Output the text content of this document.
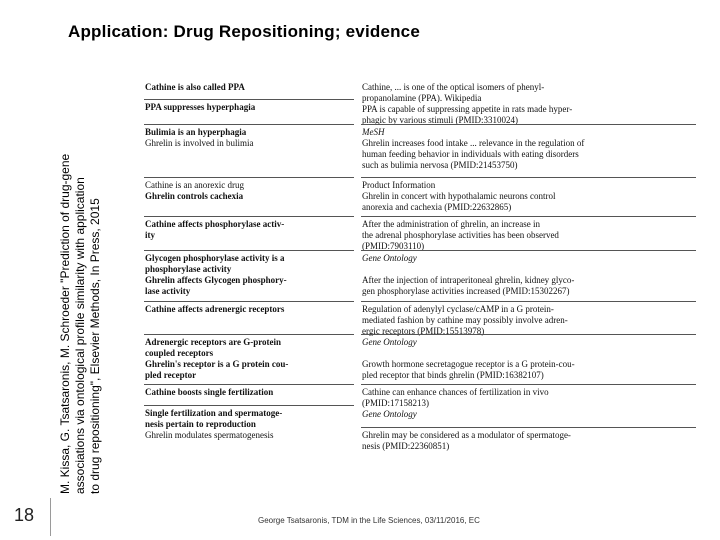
Application: Drug Repositioning; evidence
M. Kissa, G. Tsatsaronis, M. Schroeder "Prediction of drug-gene associations via ontological profile similarity with application to drug repositioning", Elsevier Methods, In Press, 2015
18	George Tsatsaronis, TDM in the Life Sciences, 03/11/2016, EC
Cathine is also called PPA
PPA suppresses hyperphagia
Bulimia is an hyperphagia
Ghrelin is involved in bulimia
Cathine is an anorexic drug
Ghrelin controls cachexia
Cathine affects phosphorylase activ-
ity
Glycogen phosphorylase activity is a
phosphorylase activity
Ghrelin affects Glycogen phosphory-
lase activity
Cathine affects adrenergic receptors
Adrenergic receptors are G-protein
coupled receptors
Ghrelin's receptor is a G protein cou-
pled receptor
Cathine boosts single fertilization
Single fertilization and spermatoge-
nesis pertain to reproduction
Ghrelin modulates spermatogenesis
Cathine, ... is one of the optical isomers of phenyl-
propanolamine (PPA). Wikipedia
PPA is capable of suppressing appetite in rats made hyper-
phagic by various stimuli (PMID:3310024)
MeSH
Ghrelin increases food intake ... relevance in the regulation of
human feeding behavior in individuals with eating disorders
such as bulimia nervosa (PMID:21453750)
Product Information
Ghrelin in concert with hypothalamic neurons control
anorexia and cachexia (PMID:22632865)
After the administration of ghrelin, an increase in
the adrenal phosphorylase activities has been observed
(PMID:7903110)
Gene Ontology
After the injection of intraperitoneal ghrelin, kidney glyco-
gen phosphorylase activities increased (PMID:15302267)
Regulation of adenylyl cyclase/cAMP in a G protein-
mediated fashion by cathine may possibly involve adren-
ergic receptors (PMID:15513978)
Gene Ontology
Growth hormone secretagogue receptor is a G protein-cou-
pled receptor that binds ghrelin (PMID:16382107)
Cathine can enhance chances of fertilization in vivo
(PMID:17158213)
Gene Ontology
Ghrelin may be considered as a modulator of spermatoge-
nesis (PMID:22360851)
